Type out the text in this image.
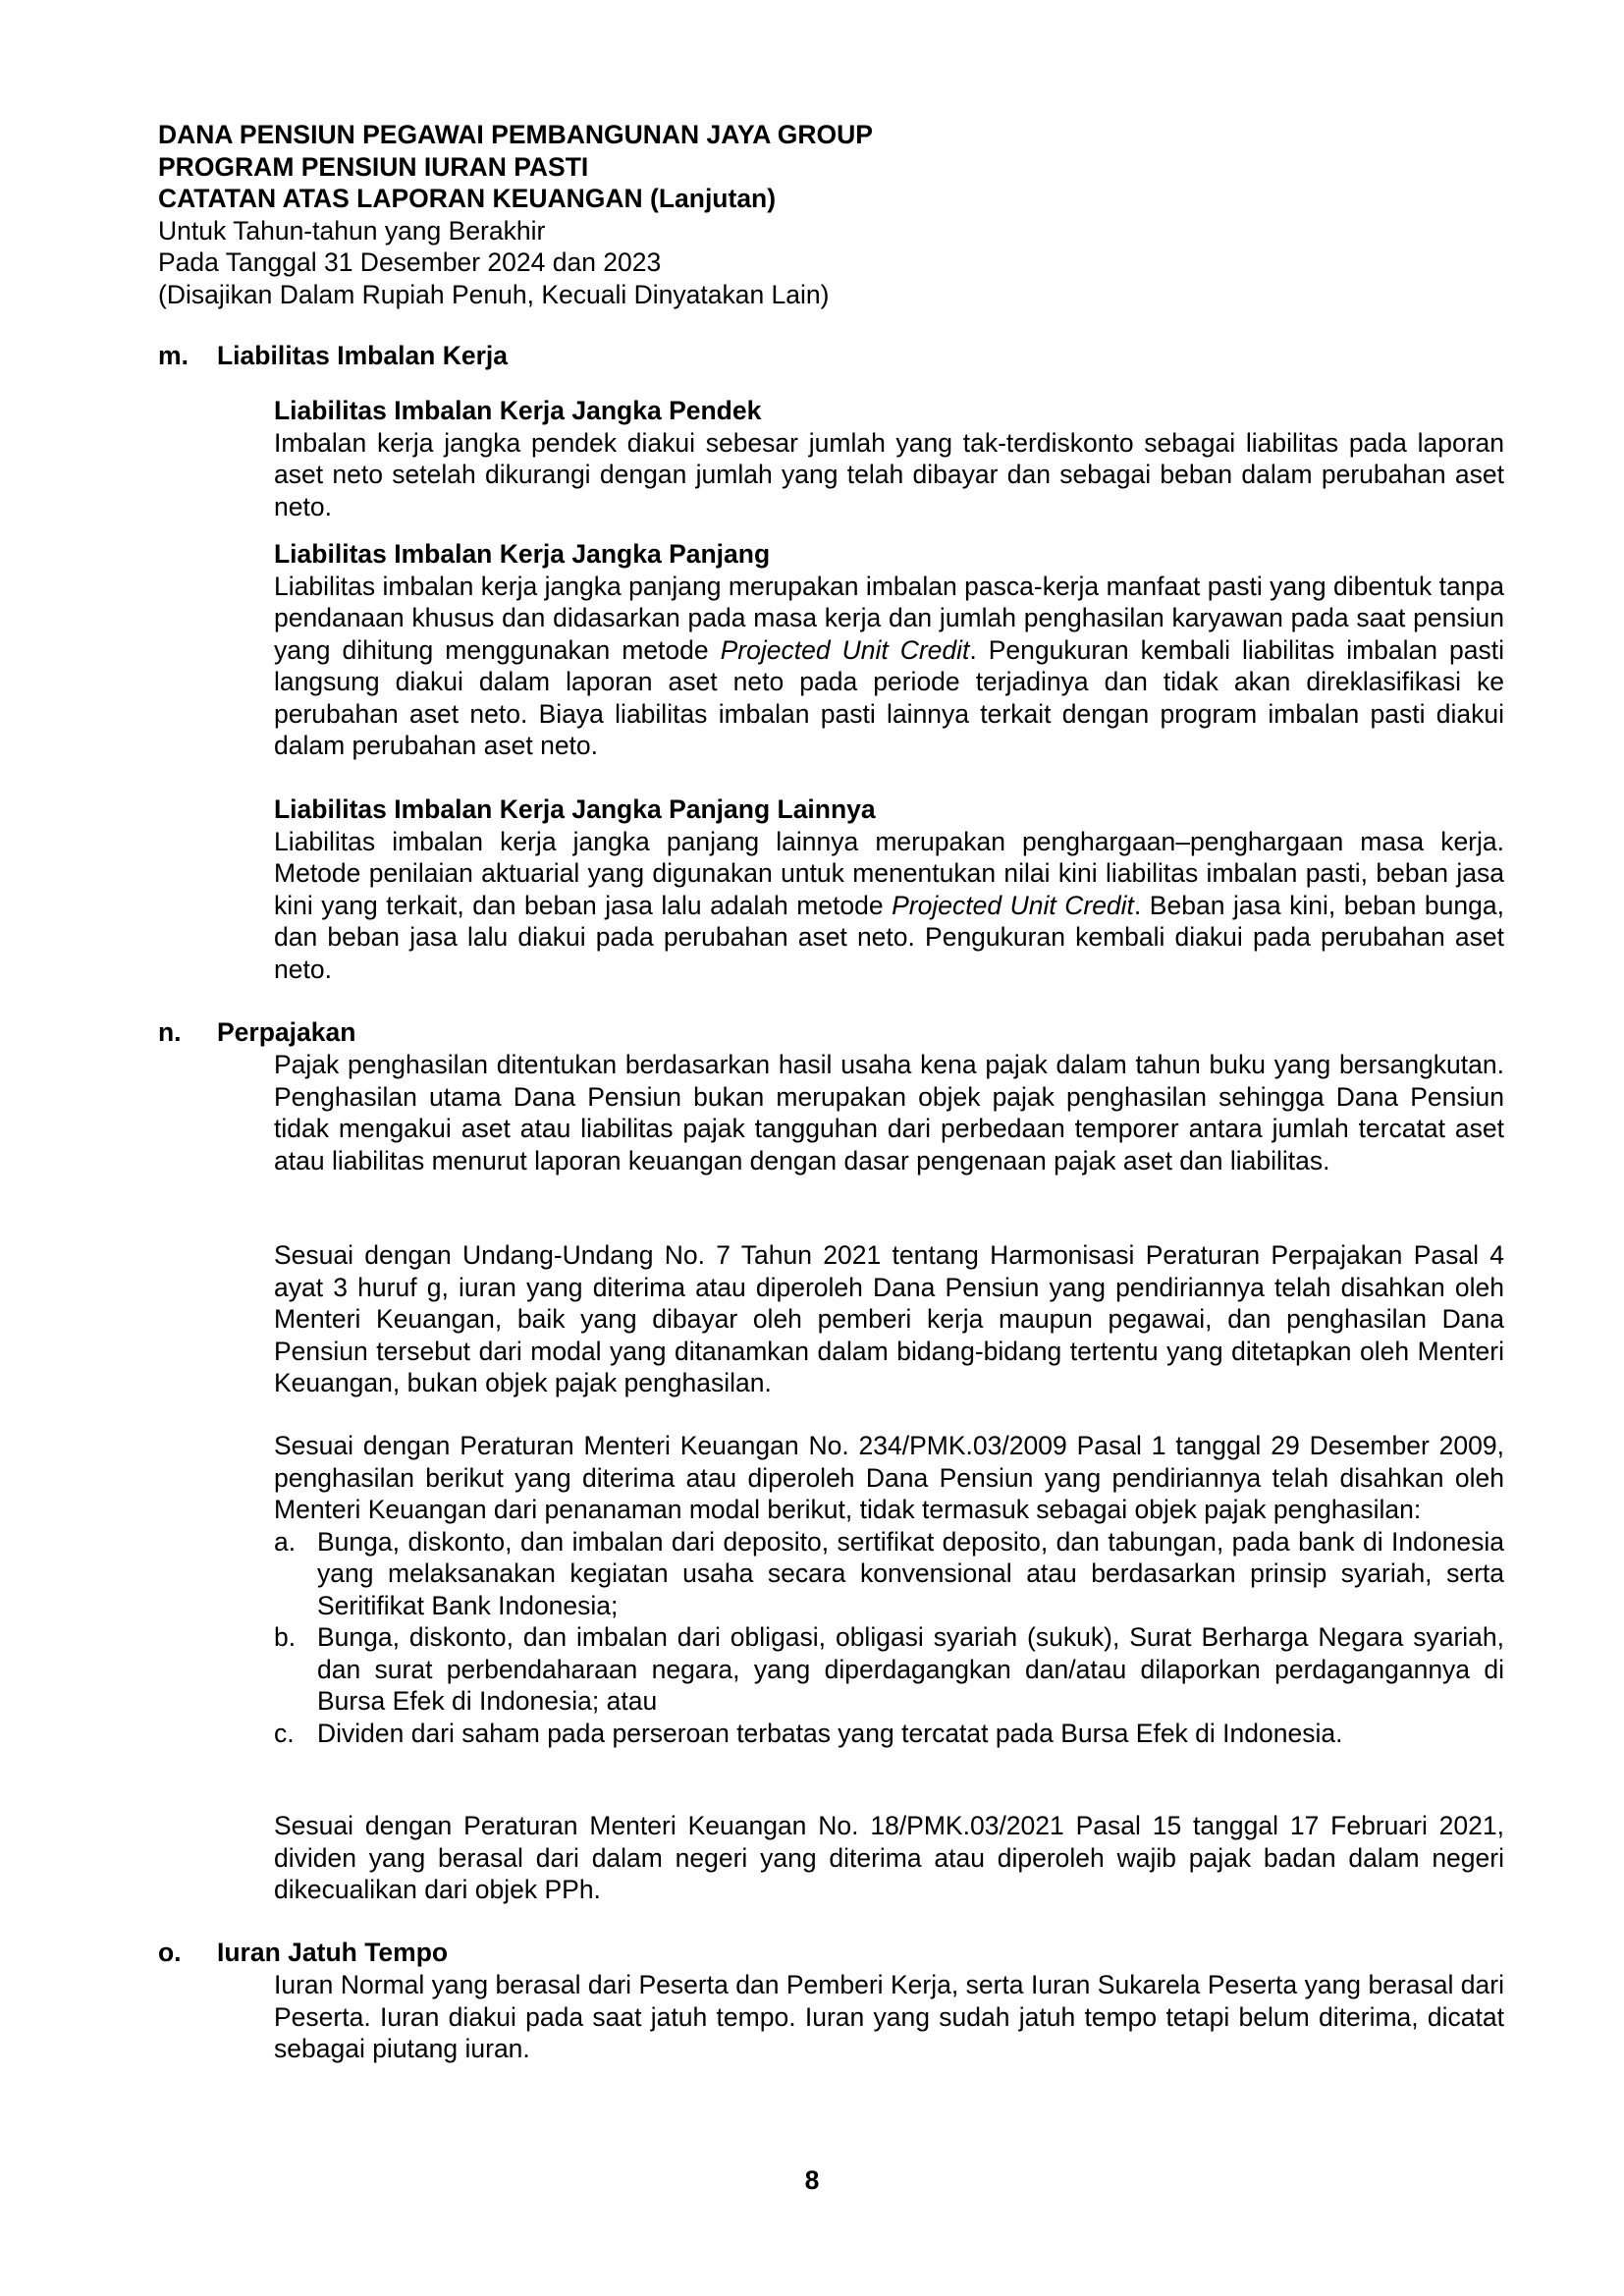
DANA PENSIUN PEGAWAI PEMBANGUNAN JAYA GROUP
PROGRAM PENSIUN IURAN PASTI
CATATAN ATAS LAPORAN KEUANGAN (Lanjutan)
Untuk Tahun-tahun yang Berakhir
Pada Tanggal 31 Desember 2024 dan 2023
(Disajikan Dalam Rupiah Penuh, Kecuali Dinyatakan Lain)
m. Liabilitas Imbalan Kerja
Liabilitas Imbalan Kerja Jangka Pendek

Imbalan kerja jangka pendek diakui sebesar jumlah yang tak-terdiskonto sebagai liabilitas pada laporan aset neto setelah dikurangi dengan jumlah yang telah dibayar dan sebagai beban dalam perubahan aset neto.

Liabilitas Imbalan Kerja Jangka Panjang

Liabilitas imbalan kerja jangka panjang merupakan imbalan pasca-kerja manfaat pasti yang dibentuk tanpa pendanaan khusus dan didasarkan pada masa kerja dan jumlah penghasilan karyawan pada saat pensiun yang dihitung menggunakan metode Projected Unit Credit. Pengukuran kembali liabilitas imbalan pasti langsung diakui dalam laporan aset neto pada periode terjadinya dan tidak akan direklasifikasi ke perubahan aset neto. Biaya liabilitas imbalan pasti lainnya terkait dengan program imbalan pasti diakui dalam perubahan aset neto.

Liabilitas Imbalan Kerja Jangka Panjang Lainnya

Liabilitas imbalan kerja jangka panjang lainnya merupakan penghargaan–penghargaan masa kerja. Metode penilaian aktuarial yang digunakan untuk menentukan nilai kini liabilitas imbalan pasti, beban jasa kini yang terkait, dan beban jasa lalu adalah metode Projected Unit Credit. Beban jasa kini, beban bunga, dan beban jasa lalu diakui pada perubahan aset neto. Pengukuran kembali diakui pada perubahan aset neto.

n. Perpajakan

Pajak penghasilan ditentukan berdasarkan hasil usaha kena pajak dalam tahun buku yang bersangkutan. Penghasilan utama Dana Pensiun bukan merupakan objek pajak penghasilan sehingga Dana Pensiun tidak mengakui aset atau liabilitas pajak tangguhan dari perbedaan temporer antara jumlah tercatat aset atau liabilitas menurut laporan keuangan dengan dasar pengenaan pajak aset dan liabilitas.

Sesuai dengan Undang-Undang No. 7 Tahun 2021 tentang Harmonisasi Peraturan Perpajakan Pasal 4 ayat 3 huruf g, iuran yang diterima atau diperoleh Dana Pensiun yang pendiriannya telah disahkan oleh Menteri Keuangan, baik yang dibayar oleh pemberi kerja maupun pegawai, dan penghasilan Dana Pensiun tersebut dari modal yang ditanamkan dalam bidang-bidang tertentu yang ditetapkan oleh Menteri Keuangan, bukan objek pajak penghasilan.

Sesuai dengan Peraturan Menteri Keuangan No. 234/PMK.03/2009 Pasal 1 tanggal 29 Desember 2009, penghasilan berikut yang diterima atau diperoleh Dana Pensiun yang pendiriannya telah disahkan oleh Menteri Keuangan dari penanaman modal berikut, tidak termasuk sebagai objek pajak penghasilan:

a. Bunga, diskonto, dan imbalan dari deposito, sertifikat deposito, dan tabungan, pada bank di Indonesia yang melaksanakan kegiatan usaha secara konvensional atau berdasarkan prinsip syariah, serta Seritifikat Bank Indonesia;
b. Bunga, diskonto, dan imbalan dari obligasi, obligasi syariah (sukuk), Surat Berharga Negara syariah, dan surat perbendaharaan negara, yang diperdagangkan dan/atau dilaporkan perdagangannya di Bursa Efek di Indonesia; atau
c. Dividen dari saham pada perseroan terbatas yang tercatat pada Bursa Efek di Indonesia.

Sesuai dengan Peraturan Menteri Keuangan No. 18/PMK.03/2021 Pasal 15 tanggal 17 Februari 2021, dividen yang berasal dari dalam negeri yang diterima atau diperoleh wajib pajak badan dalam negeri dikecualikan dari objek PPh.

o. Iuran Jatuh Tempo

Iuran Normal yang berasal dari Peserta dan Pemberi Kerja, serta Iuran Sukarela Peserta yang berasal dari Peserta. Iuran diakui pada saat jatuh tempo. Iuran yang sudah jatuh tempo tetapi belum diterima, dicatat sebagai piutang iuran.

8
